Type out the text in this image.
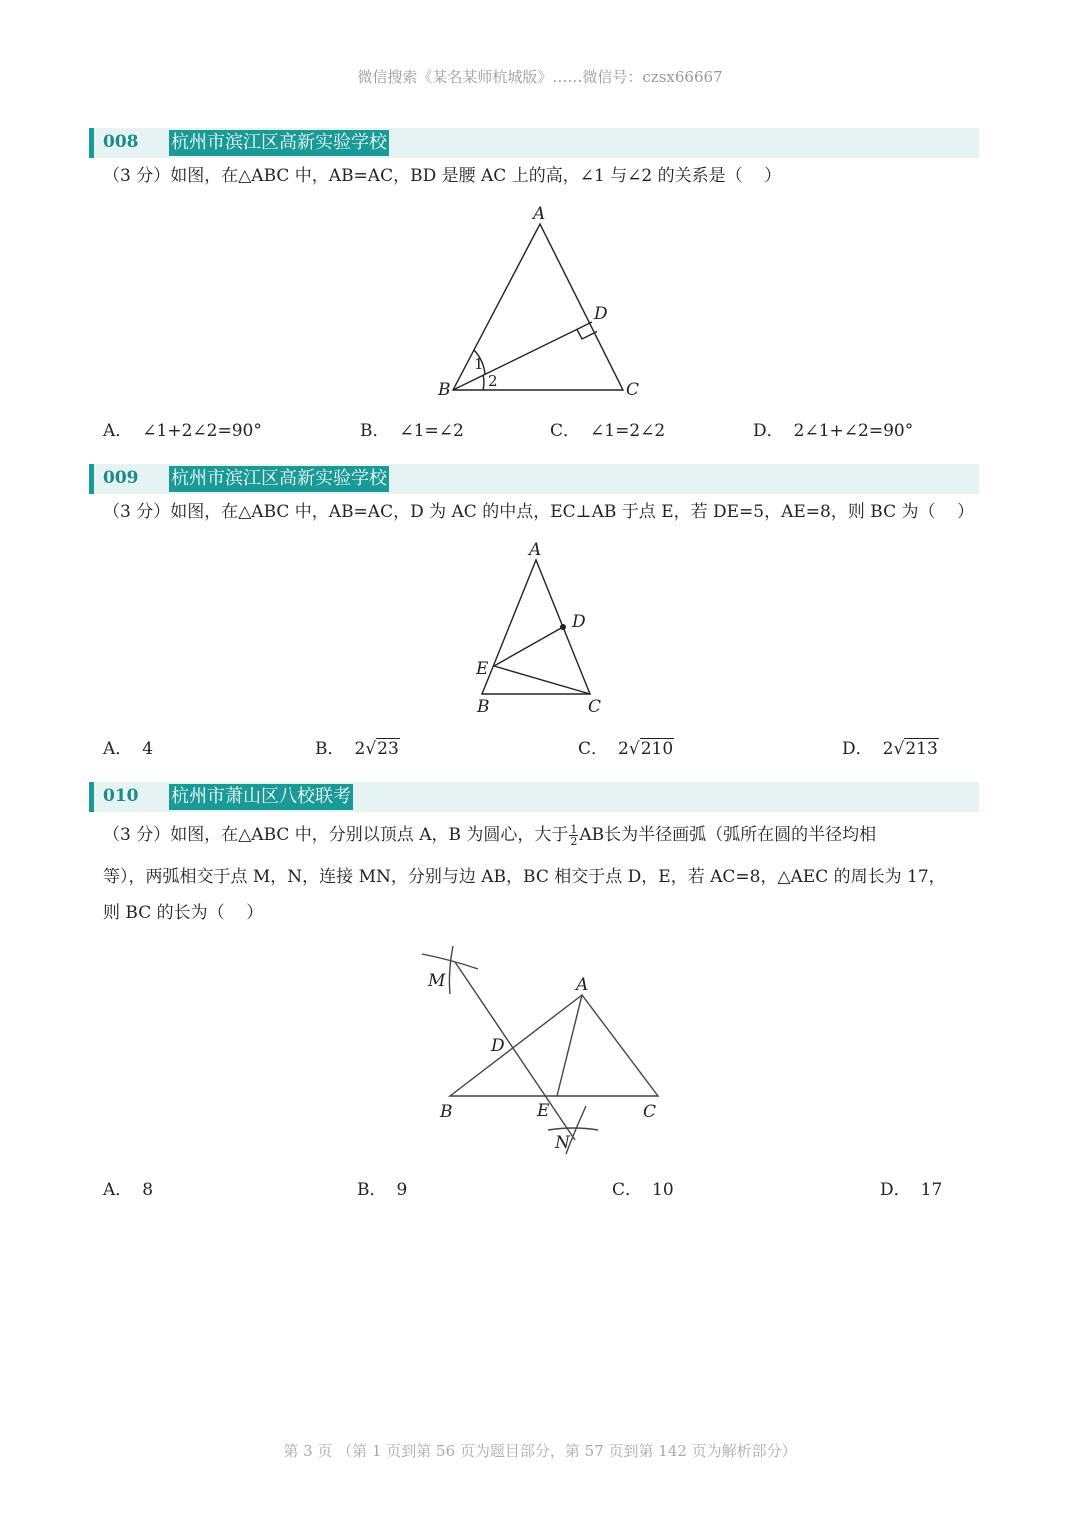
微信搜索《某名某师杭城版》……微信号：czsx66667
008 杭州市滨江区高新实验学校
（3 分）如图，在△ABC 中，AB=AC，BD 是腰 AC 上的高，∠1 与∠2 的关系是（    ）
A
B	C
D
1
2
A． ∠1+2∠2=90°	B． ∠1=∠2	C． ∠1=2∠2	D． 2∠1+∠2=90°
009 杭州市滨江区高新实验学校
（3 分）如图，在△ABC 中，AB=AC，D 为 AC 的中点，EC⊥AB 于点 E，若 DE=5，AE=8，则 BC 为（    ）
A
B	C
D
E
A． 4	B． 2√23	C． 2√210	D． 2√213
010 杭州市萧山区八校联考
（3 分）如图，在△ABC 中，分别以顶点 A，B 为圆心，大于 $\frac{1}{2}$ AB长为半径画弧（弧所在圆的半径均相
等），两弧相交于点 M，N，连接 MN，分别与边 AB，BC 相交于点 D，E，若 AC=8，△AEC 的周长为 17，
则 BC 的长为（    ）
M
N
A
B	C
D
E
A． 8	B． 9	C． 10	D． 17
第 3 页 （第 1 页到第 56 页为题目部分，第 57 页到第 142 页为解析部分）
